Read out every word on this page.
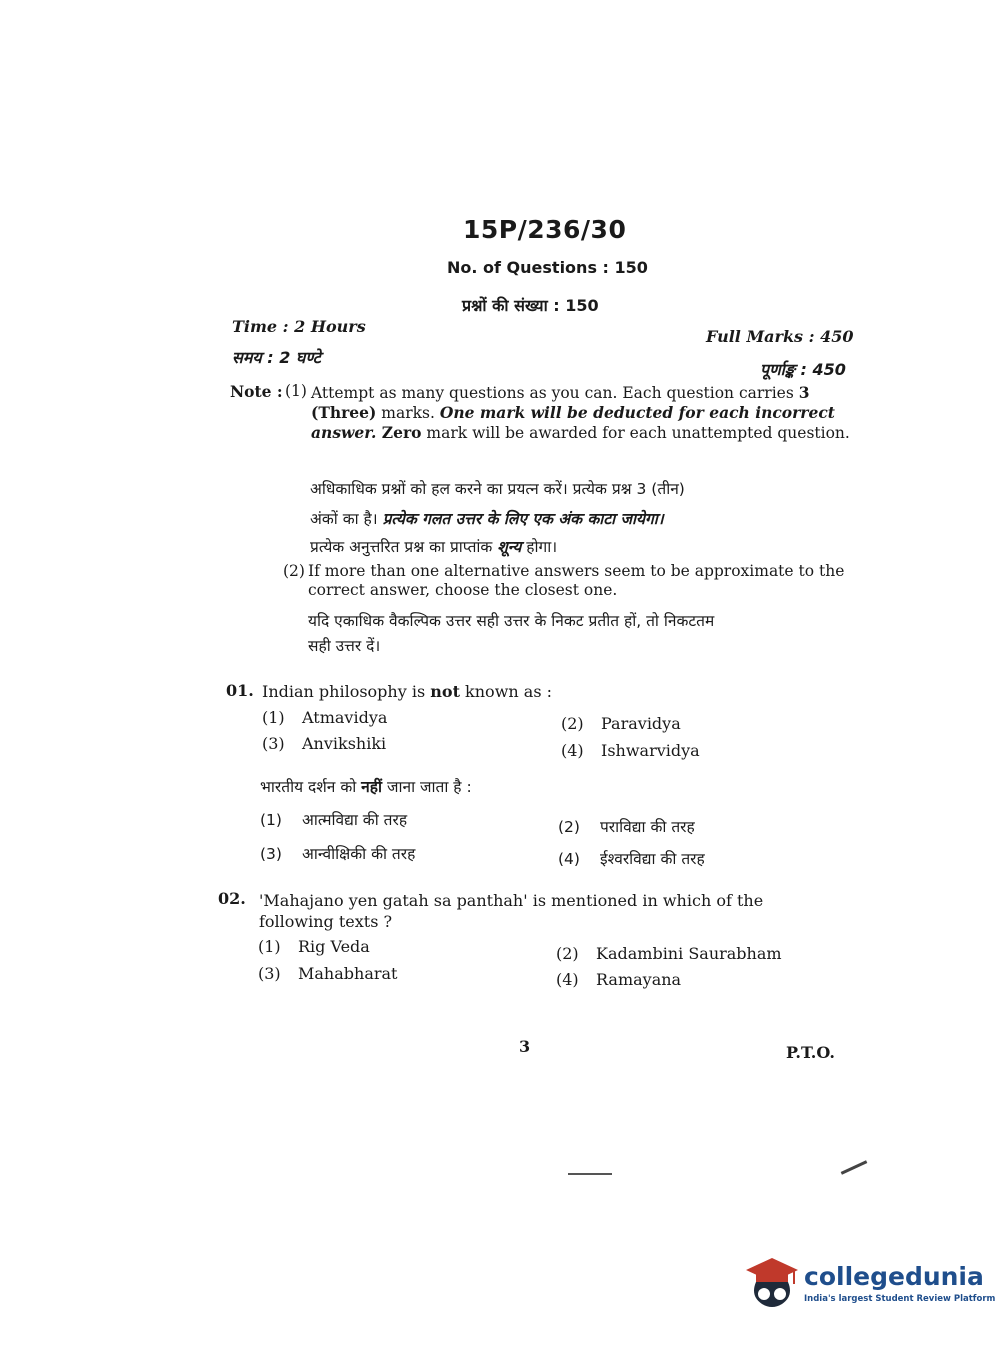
15P/236/30
No. of Questions : 150
प्रश्नों की संख्या : 150
Time : 2 Hours
समय : 2 घण्टे
Full Marks : 450
पूर्णाङ्क : 450
Note : (1) Attempt as many questions as you can. Each question carries 3 (Three) marks. One mark will be deducted for each incorrect answer. Zero mark will be awarded for each unattempted question.
अधिकाधिक प्रश्नों को हल करने का प्रयत्न करें। प्रत्येक प्रश्न 3 (तीन)
अंकों का है। प्रत्येक गलत उत्तर के लिए एक अंक काटा जायेगा।
प्रत्येक अनुत्तरित प्रश्न का प्राप्तांक शून्य होगा।
(2) If more than one alternative answers seem to be approximate to the correct answer, choose the closest one.
यदि एकाधिक वैकल्पिक उत्तर सही उत्तर के निकट प्रतीत हों, तो निकटतम
सही उत्तर दें।
01. Indian philosophy is not known as :
(1) Atmavidya	(2) Paravidya
(3) Anvikshiki	(4) Ishwarvidya
भारतीय दर्शन को नहीं जाना जाता है :
(1) आत्मविद्या की तरह	(2) पराविद्या की तरह
(3) आन्वीक्षिकी की तरह	(4) ईश्वरविद्या की तरह
02. 'Mahajano yen gatah sa panthah' is mentioned in which of the
following texts ?
(1) Rig Veda	(2) Kadambini Saurabham
(3) Mahabharat	(4) Ramayana
3	P.T.O.
collegedunia
India's largest Student Review Platform
